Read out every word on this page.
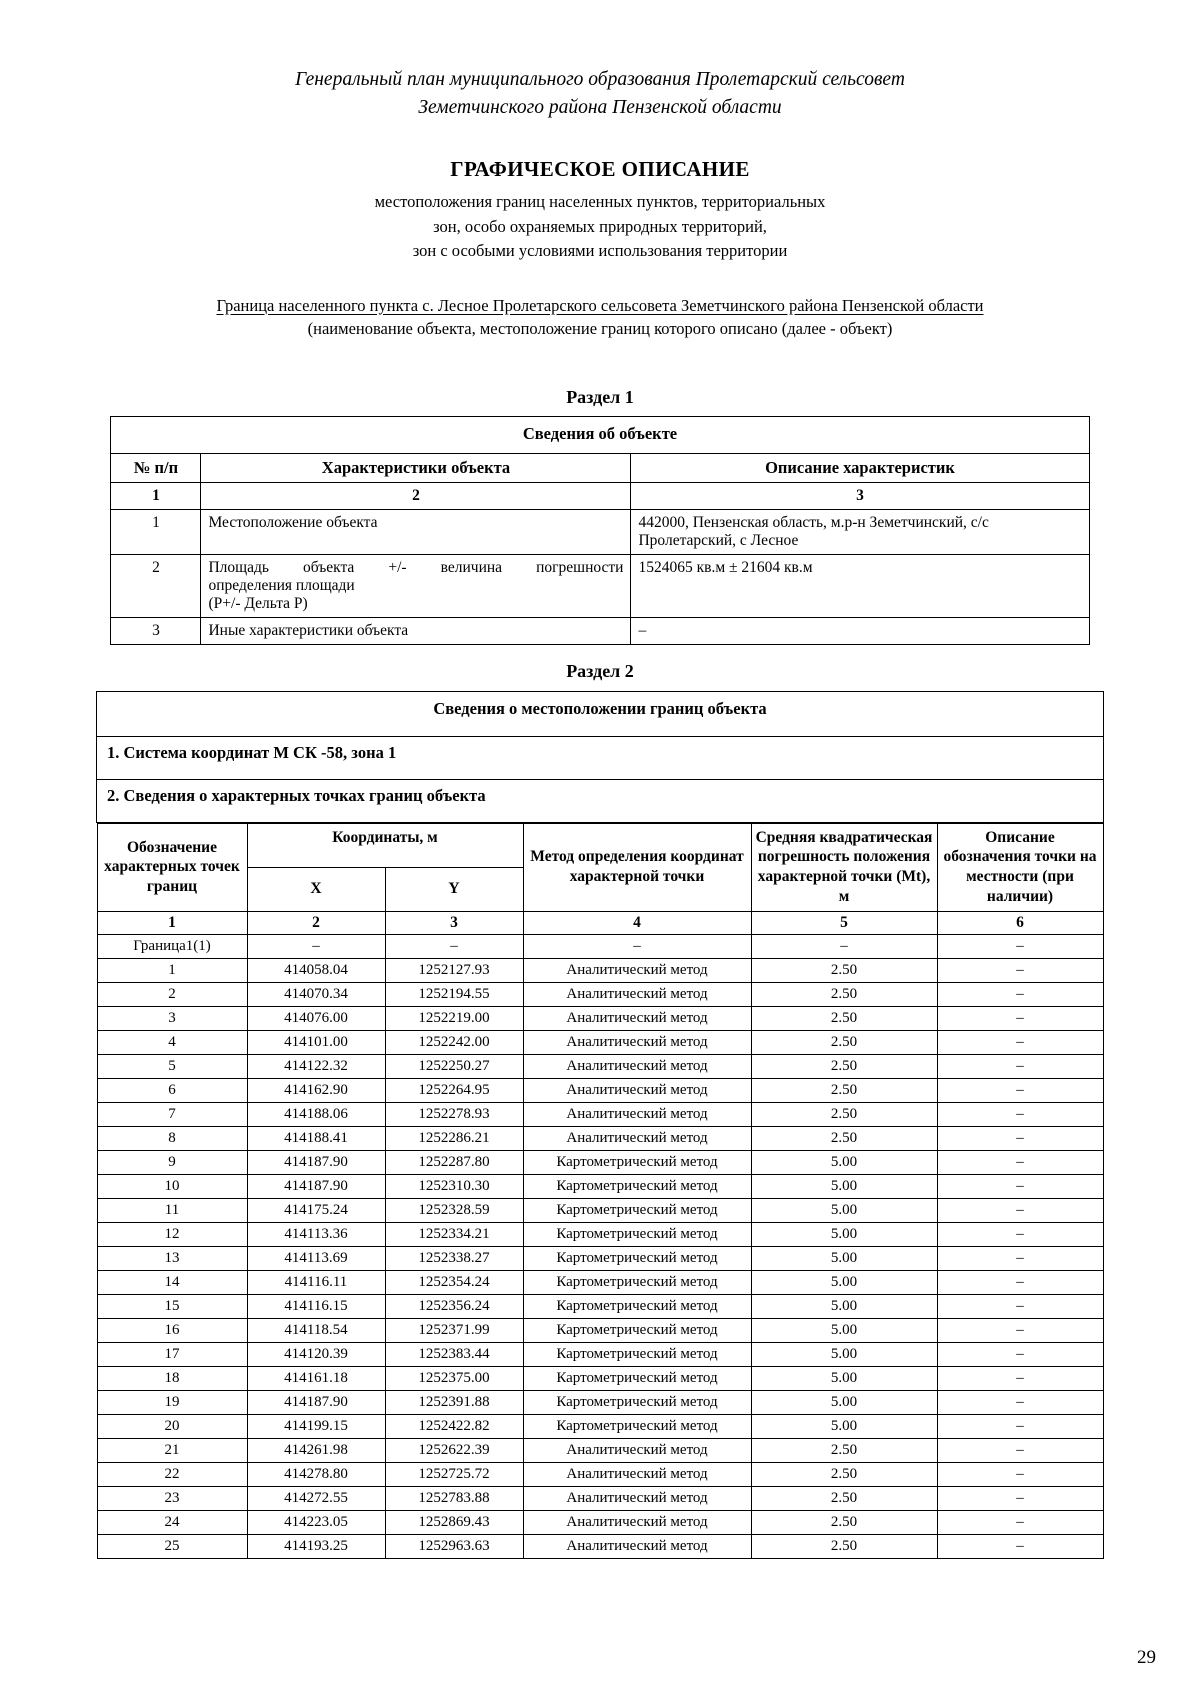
Генеральный план муниципального образования Пролетарский сельсовет
Земетчинского района Пензенской области
ГРАФИЧЕСКОЕ ОПИСАНИЕ
местоположения границ населенных пунктов, территориальных
зон, особо охраняемых природных территорий,
зон с особыми условиями использования территории
Граница населенного пункта с. Лесное Пролетарского сельсовета Земетчинского района Пензенской области
(наименование объекта, местоположение границ которого описано (далее - объект)
Раздел 1
Сведения об объекте		
№ п/п	Характеристики объекта	Описание характеристик
1	2	3
1	Местоположение объекта	442000, Пензенская область, м.р-н Земетчинский, с/с
Пролетарский, с Лесное

2	Площадь объекта +/- величина погрешности
определения площади
(Р+/- Дельта Р)	1524065 кв.м ± 21604 кв.м

3	Иные характеристики объекта	–
Раздел 2
Сведения о местоположении границ объекта

1. Система координат М СК -58, зона 1

2. Сведения о характерных точках границ объекта

Обозначение характерных точек границ	Координаты, м	Метод определения координат характерной точки	Средняя квадратическая погрешность положения характерной точки (Mt), м	Описание обозначения точки на местности (при наличии)
X	Y
1	2	3	4	5	6
Граница1(1)	–	–	–	–	–
1	414058.04	1252127.93	Аналитический метод	2.50	–
2	414070.34	1252194.55	Аналитический метод	2.50	–
3	414076.00	1252219.00	Аналитический метод	2.50	–
4	414101.00	1252242.00	Аналитический метод	2.50	–
5	414122.32	1252250.27	Аналитический метод	2.50	–
6	414162.90	1252264.95	Аналитический метод	2.50	–
7	414188.06	1252278.93	Аналитический метод	2.50	–
8	414188.41	1252286.21	Аналитический метод	2.50	–
9	414187.90	1252287.80	Картометрический метод	5.00	–
10	414187.90	1252310.30	Картометрический метод	5.00	–
11	414175.24	1252328.59	Картометрический метод	5.00	–
12	414113.36	1252334.21	Картометрический метод	5.00	–
13	414113.69	1252338.27	Картометрический метод	5.00	–
14	414116.11	1252354.24	Картометрический метод	5.00	–
15	414116.15	1252356.24	Картометрический метод	5.00	–
16	414118.54	1252371.99	Картометрический метод	5.00	–
17	414120.39	1252383.44	Картометрический метод	5.00	–
18	414161.18	1252375.00	Картометрический метод	5.00	–
19	414187.90	1252391.88	Картометрический метод	5.00	–
20	414199.15	1252422.82	Картометрический метод	5.00	–
21	414261.98	1252622.39	Аналитический метод	2.50	–
22	414278.80	1252725.72	Аналитический метод	2.50	–
23	414272.55	1252783.88	Аналитический метод	2.50	–
24	414223.05	1252869.43	Аналитический метод	2.50	–
25	414193.25	1252963.63	Аналитический метод	2.50	–
29
